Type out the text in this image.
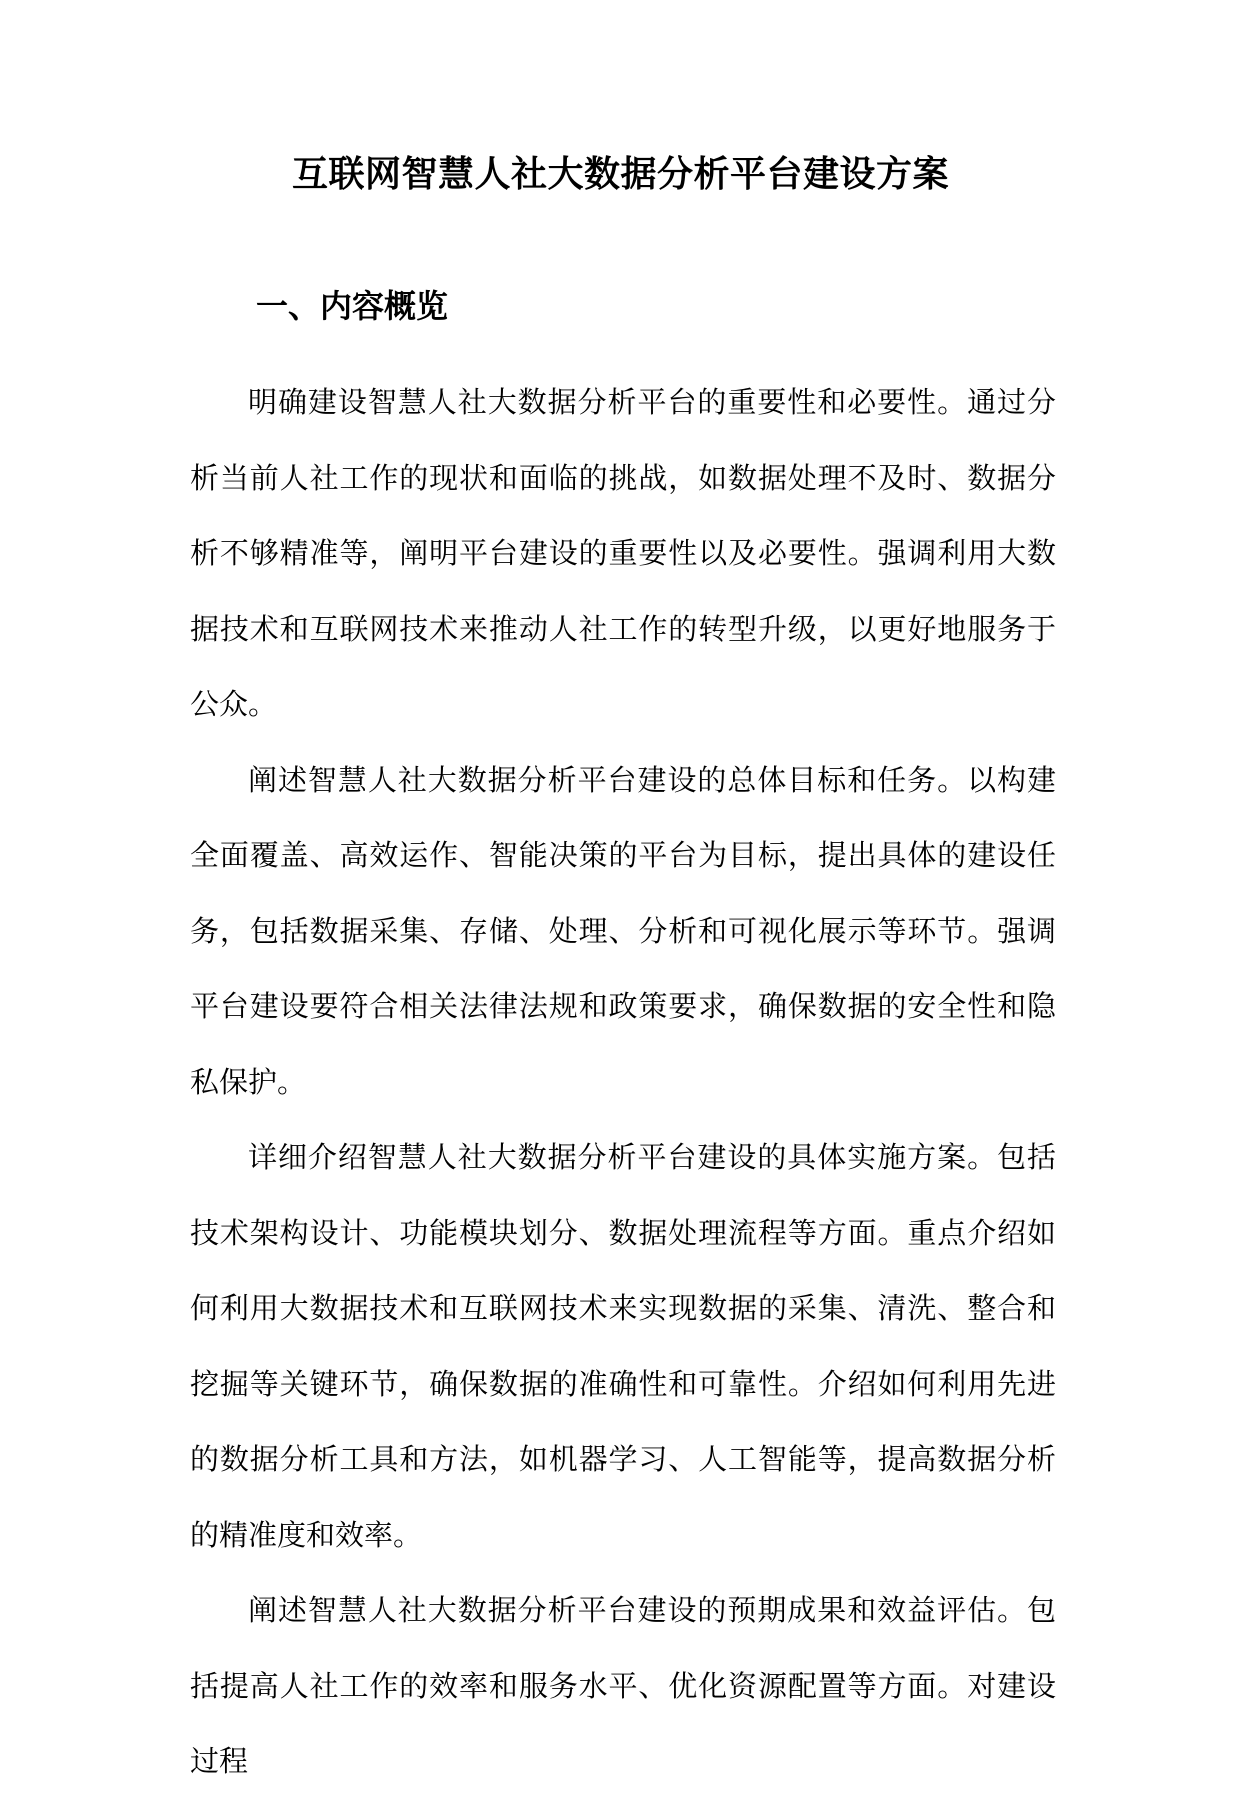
互联网智慧人社大数据分析平台建设方案
一、内容概览

明确建设智慧人社大数据分析平台的重要性和必要性。通过分析当前人社工作的现状和面临的挑战，如数据处理不及时、数据分析不够精准等，阐明平台建设的重要性以及必要性。强调利用大数据技术和互联网技术来推动人社工作的转型升级，以更好地服务于公众。

阐述智慧人社大数据分析平台建设的总体目标和任务。以构建全面覆盖、高效运作、智能决策的平台为目标，提出具体的建设任务，包括数据采集、存储、处理、分析和可视化展示等环节。强调平台建设要符合相关法律法规和政策要求，确保数据的安全性和隐私保护。

详细介绍智慧人社大数据分析平台建设的具体实施方案。包括技术架构设计、功能模块划分、数据处理流程等方面。重点介绍如何利用大数据技术和互联网技术来实现数据的采集、清洗、整合和挖掘等关键环节，确保数据的准确性和可靠性。介绍如何利用先进的数据分析工具和方法，如机器学习、人工智能等，提高数据分析的精准度和效率。

阐述智慧人社大数据分析平台建设的预期成果和效益评估。包括提高人社工作的效率和服务水平、优化资源配置等方面。对建设过程
